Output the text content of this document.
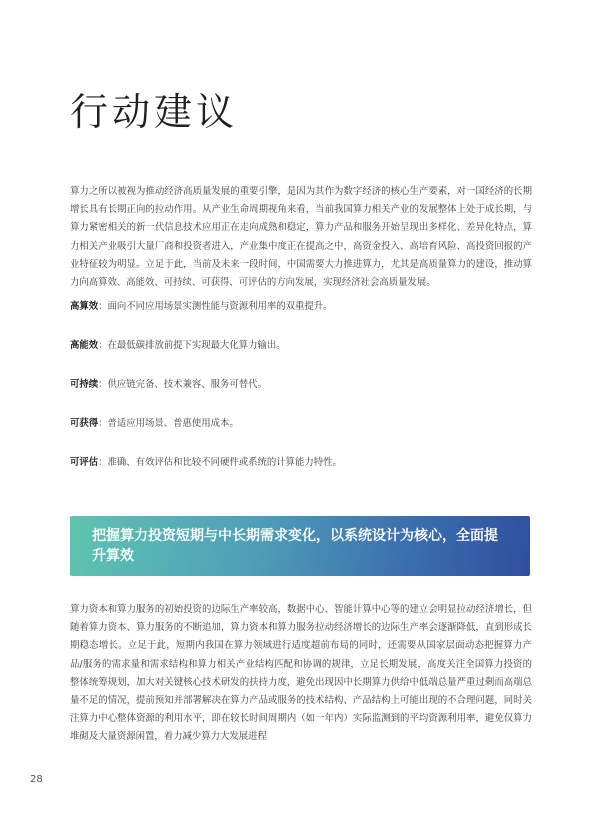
行动建议
算力之所以被视为推动经济高质量发展的重要引擎，是因为其作为数字经济的核心生产要素，对一国经济的长期增长具有长期正向的拉动作用。从产业生命周期视角来看，当前我国算力相关产业的发展整体上处于成长期，与算力紧密相关的新一代信息技术应用正在走向成熟和稳定，算力产品和服务开始呈现出多样化、差异化特点，算力相关产业吸引大量厂商和投资者进入，产业集中度正在提高之中，高资金投入、高培育风险、高投资回报的产业特征较为明显。立足于此，当前及未来一段时间，中国需要大力推进算力，尤其是高质量算力的建设，推动算力向高算效、高能效、可持续、可获得、可评估的方向发展，实现经济社会高质量发展。
高算效：面向不同应用场景实测性能与资源利用率的双重提升。
高能效：在最低碳排放前提下实现最大化算力输出。
可持续：供应链完备、技术兼容、服务可替代。
可获得：普适应用场景、普惠使用成本。
可评估：准确、有效评估和比较不同硬件或系统的计算能力特性。
把握算力投资短期与中长期需求变化，以系统设计为核心，全面提升算效
算力资本和算力服务的初始投资的边际生产率较高，数据中心、智能计算中心等的建立会明显拉动经济增长，但随着算力资本、算力服务的不断追加，算力资本和算力服务拉动经济增长的边际生产率会逐渐降低，直到形成长期稳态增长。立足于此，短期内我国在算力领域进行适度超前布局的同时，还需要从国家层面动态把握算力产品/服务的需求量和需求结构和算力相关产业结构匹配和协调的规律，立足长期发展，高度关注全国算力投资的整体统筹规划，加大对关键核心技术研发的扶持力度，避免出现因中长期算力供给中低端总量严重过剩而高端总量不足的情况，提前预知并部署解决在算力产品或服务的技术结构、产品结构上可能出现的不合理问题，同时关注算力中心整体资源的利用水平，即在较长时间周期内（如一年内）实际监测到的平均资源利用率，避免仅算力堆砌及大量资源闲置，着力减少算力大发展进程
28
